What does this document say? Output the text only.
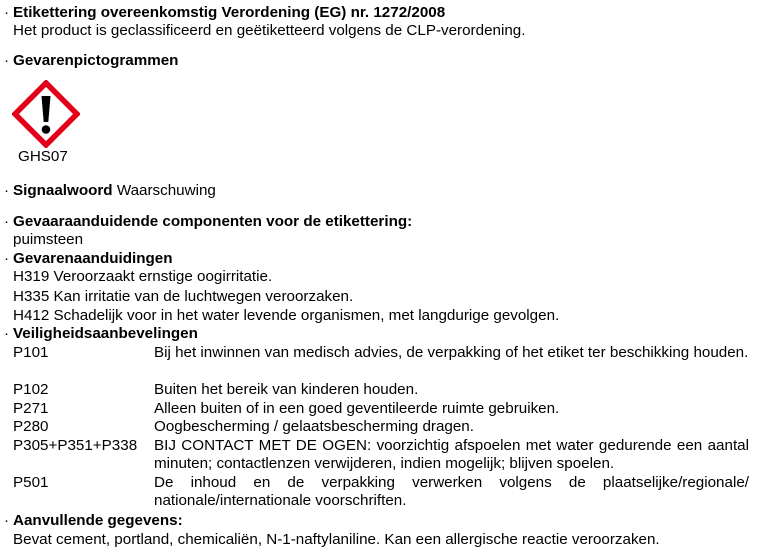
· Etikettering overeenkomstig Verordening (EG) nr. 1272/2008
Het product is geclassificeerd en geëtiketteerd volgens de CLP-verordening.
· Gevarenpictogrammen
GHS07
· Signaalwoord Waarschuwing
· Gevaaraanduidende componenten voor de etikettering:
puimsteen
· Gevarenaanduidingen
H319 Veroorzaakt ernstige oogirritatie.
H335 Kan irritatie van de luchtwegen veroorzaken.
H412 Schadelijk voor in het water levende organismen, met langdurige gevolgen.
· Veiligheidsaanbevelingen
P101	Bij het inwinnen van medisch advies, de verpakking of het etiket ter beschikking houden.
P102	Buiten het bereik van kinderen houden.
P271	Alleen buiten of in een goed geventileerde ruimte gebruiken.
P280	Oogbescherming / gelaatsbescherming dragen.
P305+P351+P338 BIJ CONTACT MET DE OGEN: voorzichtig afspoelen met water gedurende een aantal minuten; contactlenzen verwijderen, indien mogelijk; blijven spoelen.
P501	De inhoud en de verpakking verwerken volgens de plaatselijke/regionale/ nationale/internationale voorschriften.
· Aanvullende gegevens:
Bevat cement, portland, chemicaliën, N-1-naftylaniline. Kan een allergische reactie veroorzaken.
